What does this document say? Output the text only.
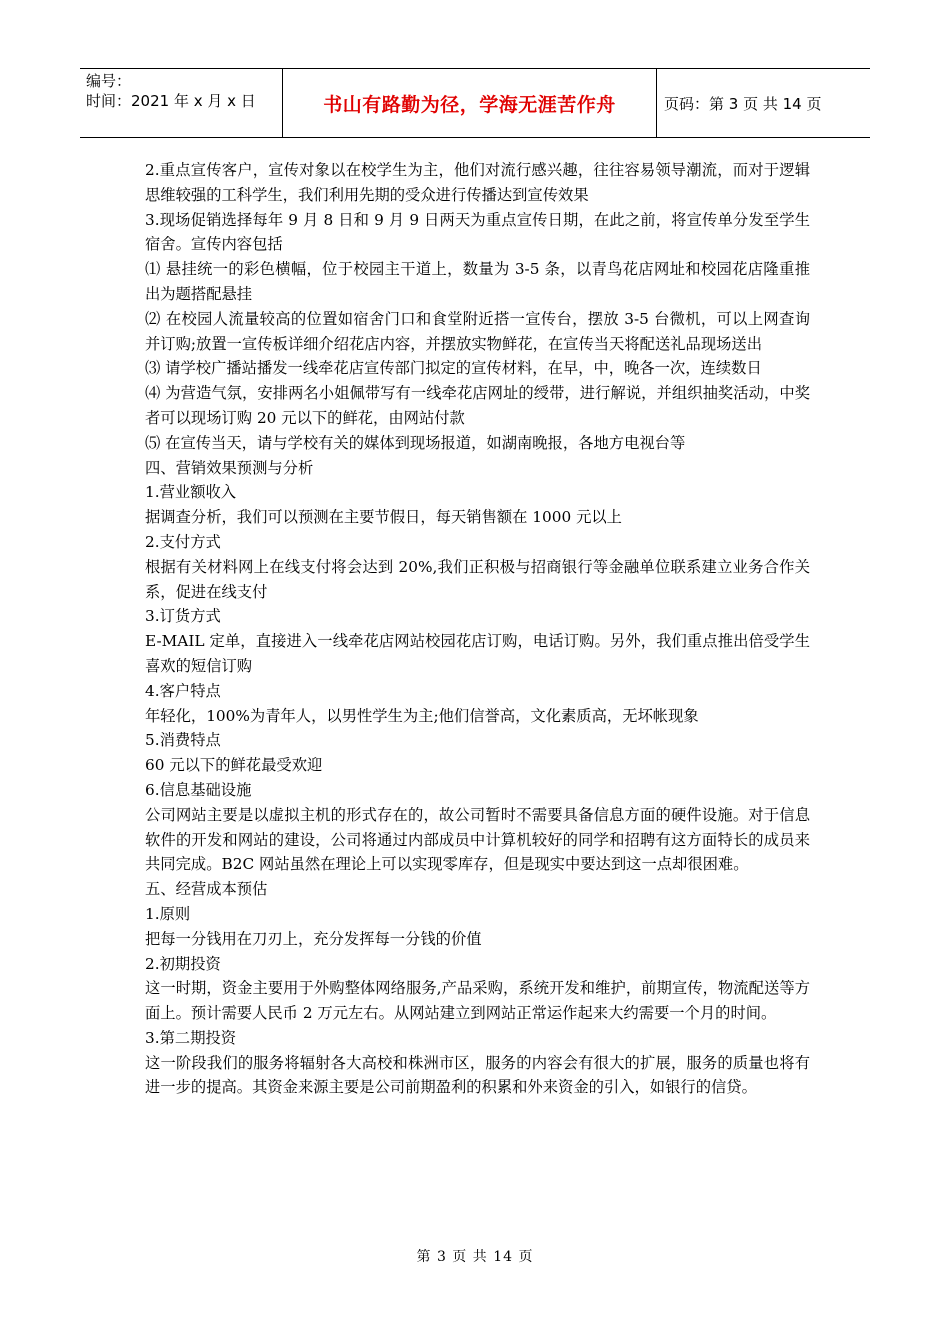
编号：
时间：2021 年 x 月 x 日	书山有路勤为径，学海无涯苦作舟	页码：第 3 页 共 14 页

2.重点宣传客户，宣传对象以在校学生为主，他们对流行感兴趣，往往容易领导潮流，而对于逻辑思维较强的工科学生，我们利用先期的受众进行传播达到宣传效果

3.现场促销选择每年 9 月 8 日和 9 月 9 日两天为重点宣传日期，在此之前，将宣传单分发至学生宿舍。宣传内容包括

⑴ 悬挂统一的彩色横幅，位于校园主干道上，数量为 3-5 条，以青鸟花店网址和校园花店隆重推出为题搭配悬挂

⑵ 在校园人流量较高的位置如宿舍门口和食堂附近搭一宣传台，摆放 3-5 台微机，可以上网查询并订购;放置一宣传板详细介绍花店内容，并摆放实物鲜花，在宣传当天将配送礼品现场送出

⑶ 请学校广播站播发一线牵花店宣传部门拟定的宣传材料，在早，中，晚各一次，连续数日

⑷ 为营造气氛，安排两名小姐佩带写有一线牵花店网址的绶带，进行解说，并组织抽奖活动，中奖者可以现场订购 20 元以下的鲜花，由网站付款

⑸ 在宣传当天，请与学校有关的媒体到现场报道，如湖南晚报，各地方电视台等

四、营销效果预测与分析

1.营业额收入

据调查分析，我们可以预测在主要节假日，每天销售额在 1000 元以上

2.支付方式

根据有关材料网上在线支付将会达到 20%,我们正积极与招商银行等金融单位联系建立业务合作关系，促进在线支付

3.订货方式

E-MAIL 定单，直接进入一线牵花店网站校园花店订购，电话订购。另外，我们重点推出倍受学生喜欢的短信订购

4.客户特点

年轻化，100%为青年人，以男性学生为主;他们信誉高，文化素质高，无坏帐现象

5.消费特点

60 元以下的鲜花最受欢迎

6.信息基础设施

公司网站主要是以虚拟主机的形式存在的，故公司暂时不需要具备信息方面的硬件设施。对于信息软件的开发和网站的建设，公司将通过内部成员中计算机较好的同学和招聘有这方面特长的成员来共同完成。B2C 网站虽然在理论上可以实现零库存，但是现实中要达到这一点却很困难。

五、经营成本预估

1.原则

把每一分钱用在刀刃上，充分发挥每一分钱的价值

2.初期投资

这一时期，资金主要用于外购整体网络服务,产品采购，系统开发和维护，前期宣传，物流配送等方面上。预计需要人民币 2 万元左右。从网站建立到网站正常运作起来大约需要一个月的时间。

3.第二期投资

这一阶段我们的服务将辐射各大高校和株洲市区，服务的内容会有很大的扩展，服务的质量也将有进一步的提高。其资金来源主要是公司前期盈利的积累和外来资金的引入，如银行的信贷。

第 3 页 共 14 页
